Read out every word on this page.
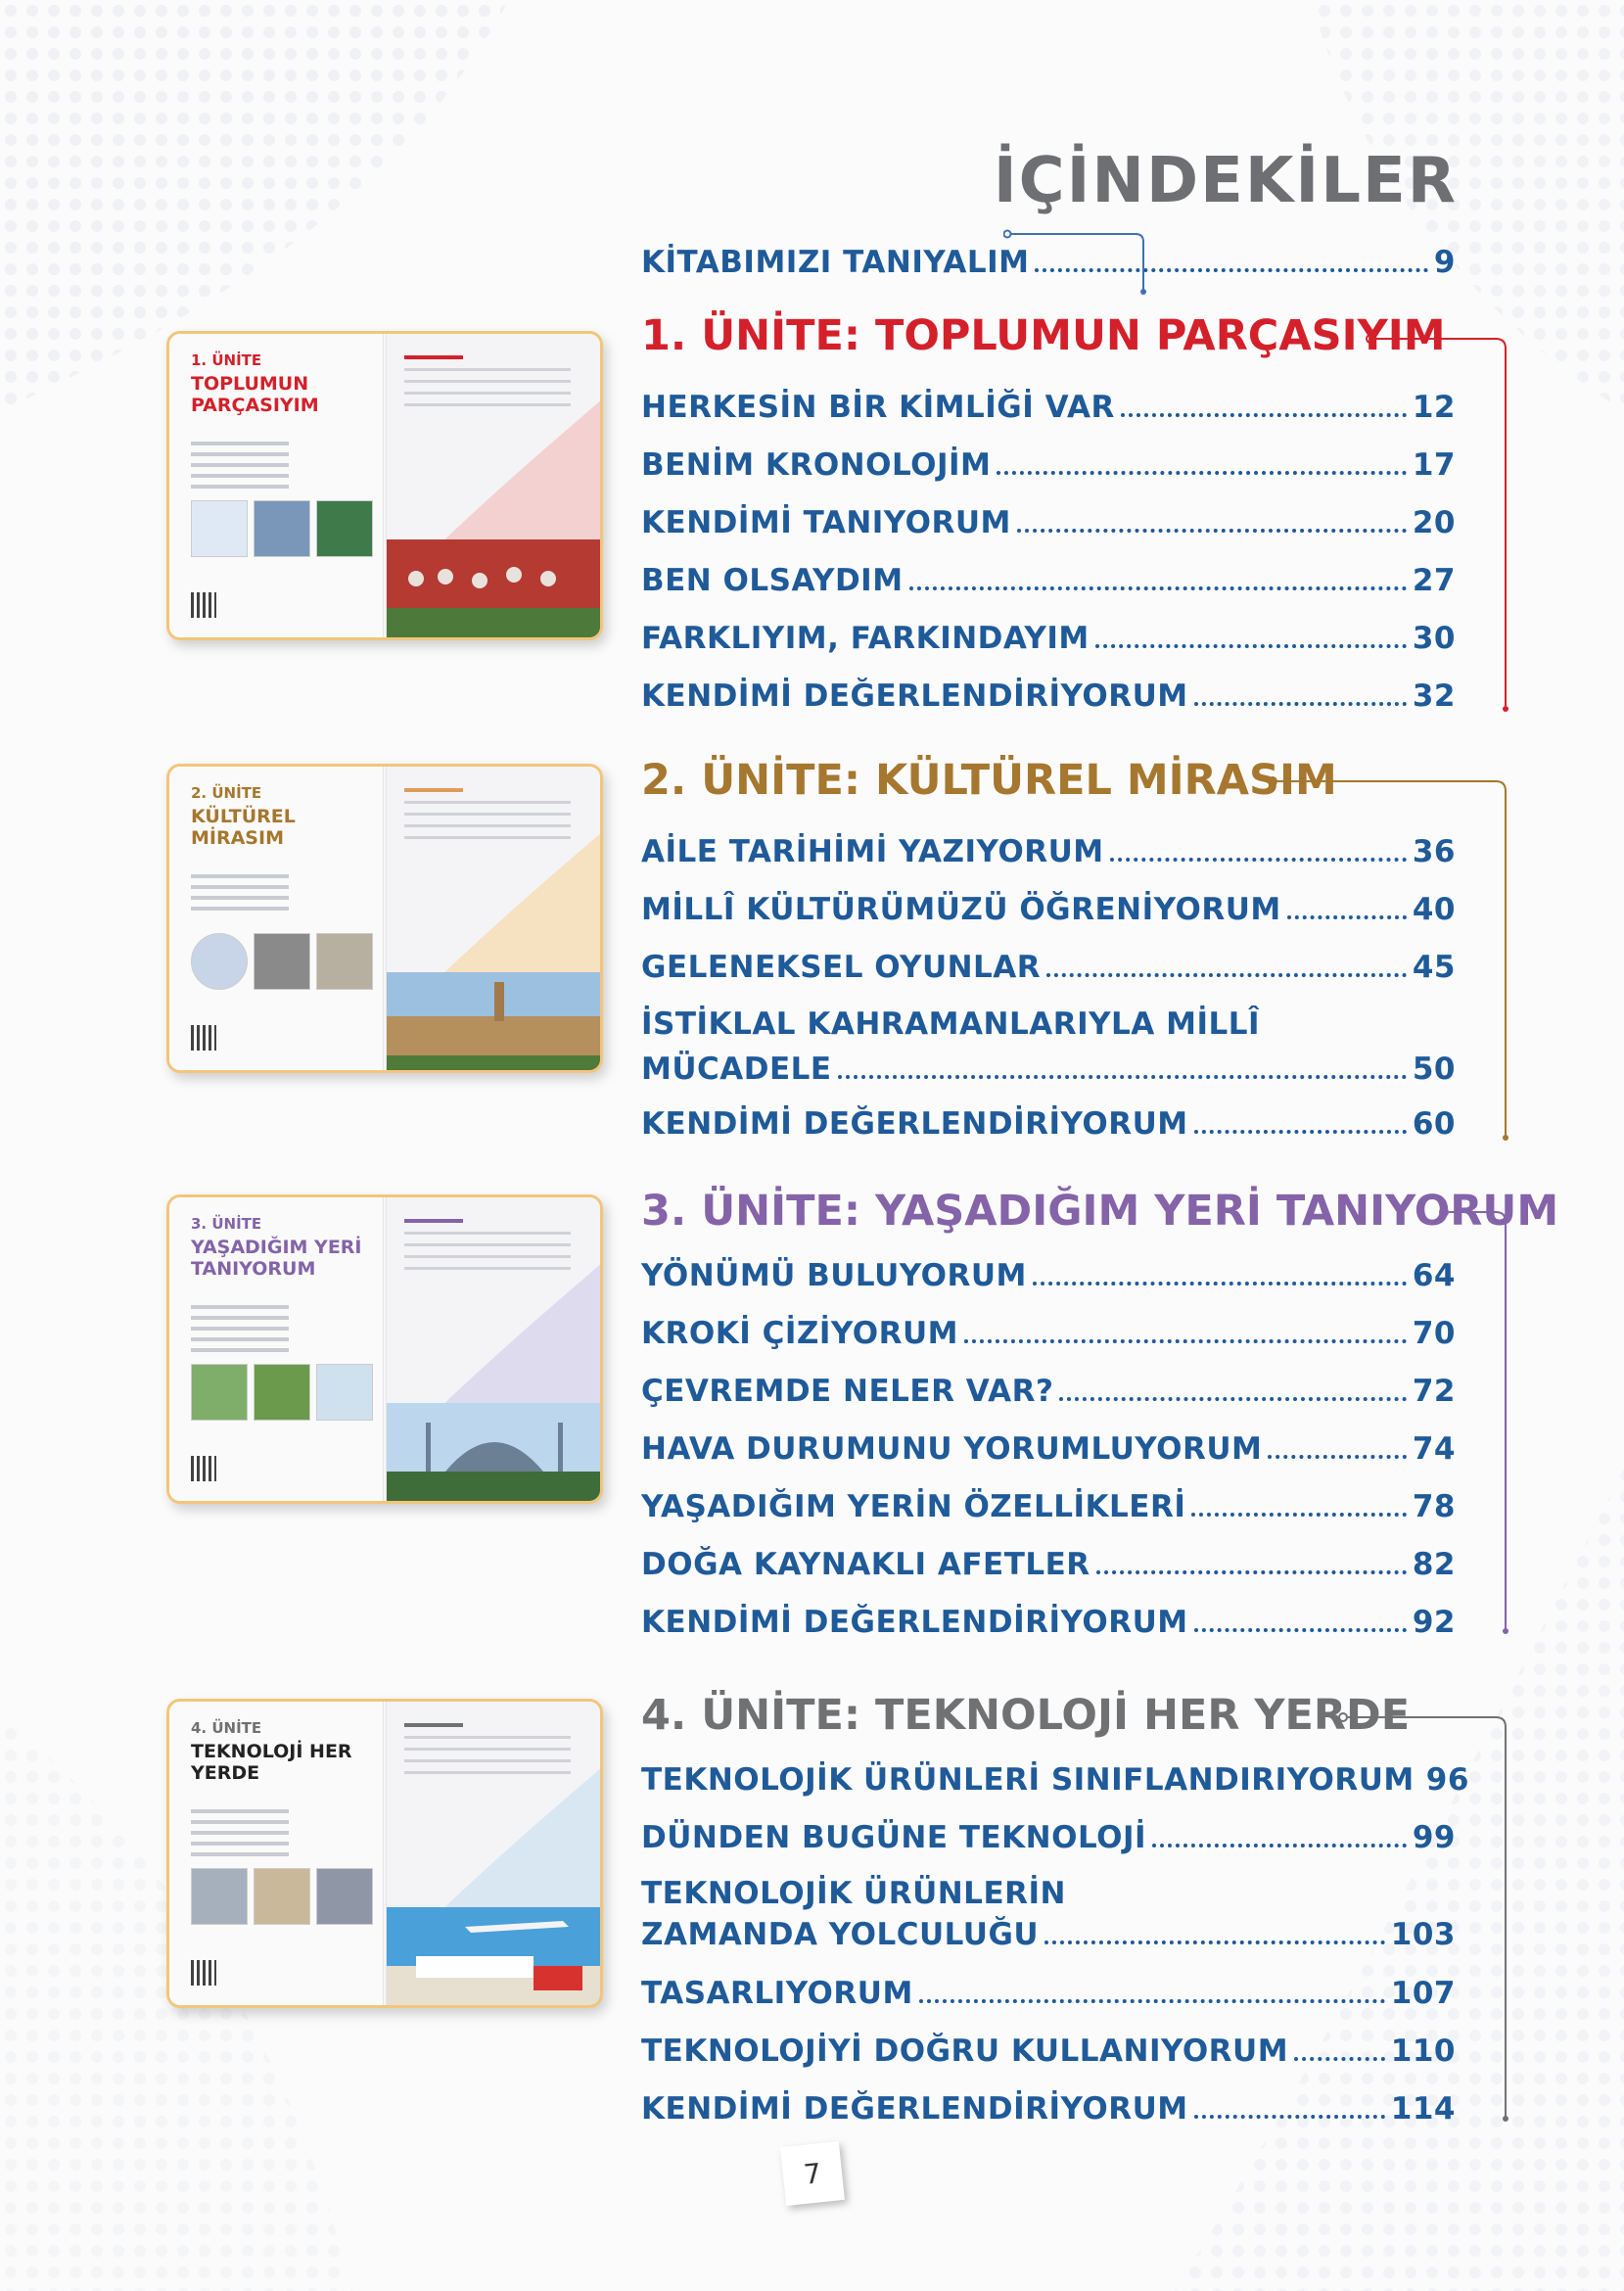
İÇİNDEKİLER
1. ÜNİTE
TOPLUMUN PARÇASIYIM
2. ÜNİTE
KÜLTÜREL MİRASIM
3. ÜNİTE
YAŞADIĞIM YERİ TANIYORUM
4. ÜNİTE
TEKNOLOJİ HER YERDE
KİTABIMIZI TANIYALIM	9
1. ÜNİTE: TOPLUMUN PARÇASIYIM
HERKESİN BİR KİMLİĞİ VAR	12
BENİM KRONOLOJİM	17
KENDİMİ TANIYORUM	20
BEN OLSAYDIM	27
FARKLIYIM, FARKINDAYIM	30
KENDİMİ DEĞERLENDİRİYORUM	32
2. ÜNİTE: KÜLTÜREL MİRASIM
AİLE TARİHİMİ YAZIYORUM	36
MİLLÎ KÜLTÜRÜMÜZÜ ÖĞRENİYORUM	40
GELENEKSEL OYUNLAR	45
İSTİKLAL KAHRAMANLARIYLA MİLLÎ
MÜCADELE	50
KENDİMİ DEĞERLENDİRİYORUM	60
3. ÜNİTE: YAŞADIĞIM YERİ TANIYORUM
YÖNÜMÜ BULUYORUM	64
KROKİ ÇİZİYORUM	70
ÇEVREMDE NELER VAR?	72
HAVA DURUMUNU YORUMLUYORUM	74
YAŞADIĞIM YERİN ÖZELLİKLERİ	78
DOĞA KAYNAKLI AFETLER	82
KENDİMİ DEĞERLENDİRİYORUM	92
4. ÜNİTE: TEKNOLOJİ HER YERDE
TEKNOLOJİK ÜRÜNLERİ SINIFLANDIRIYORUM 96
DÜNDEN BUGÜNE TEKNOLOJİ	99
TEKNOLOJİK ÜRÜNLERİN
ZAMANDA YOLCULUĞU	103
TASARLIYORUM	107
TEKNOLOJİYİ DOĞRU KULLANIYORUM	110
KENDİMİ DEĞERLENDİRİYORUM	114
7
